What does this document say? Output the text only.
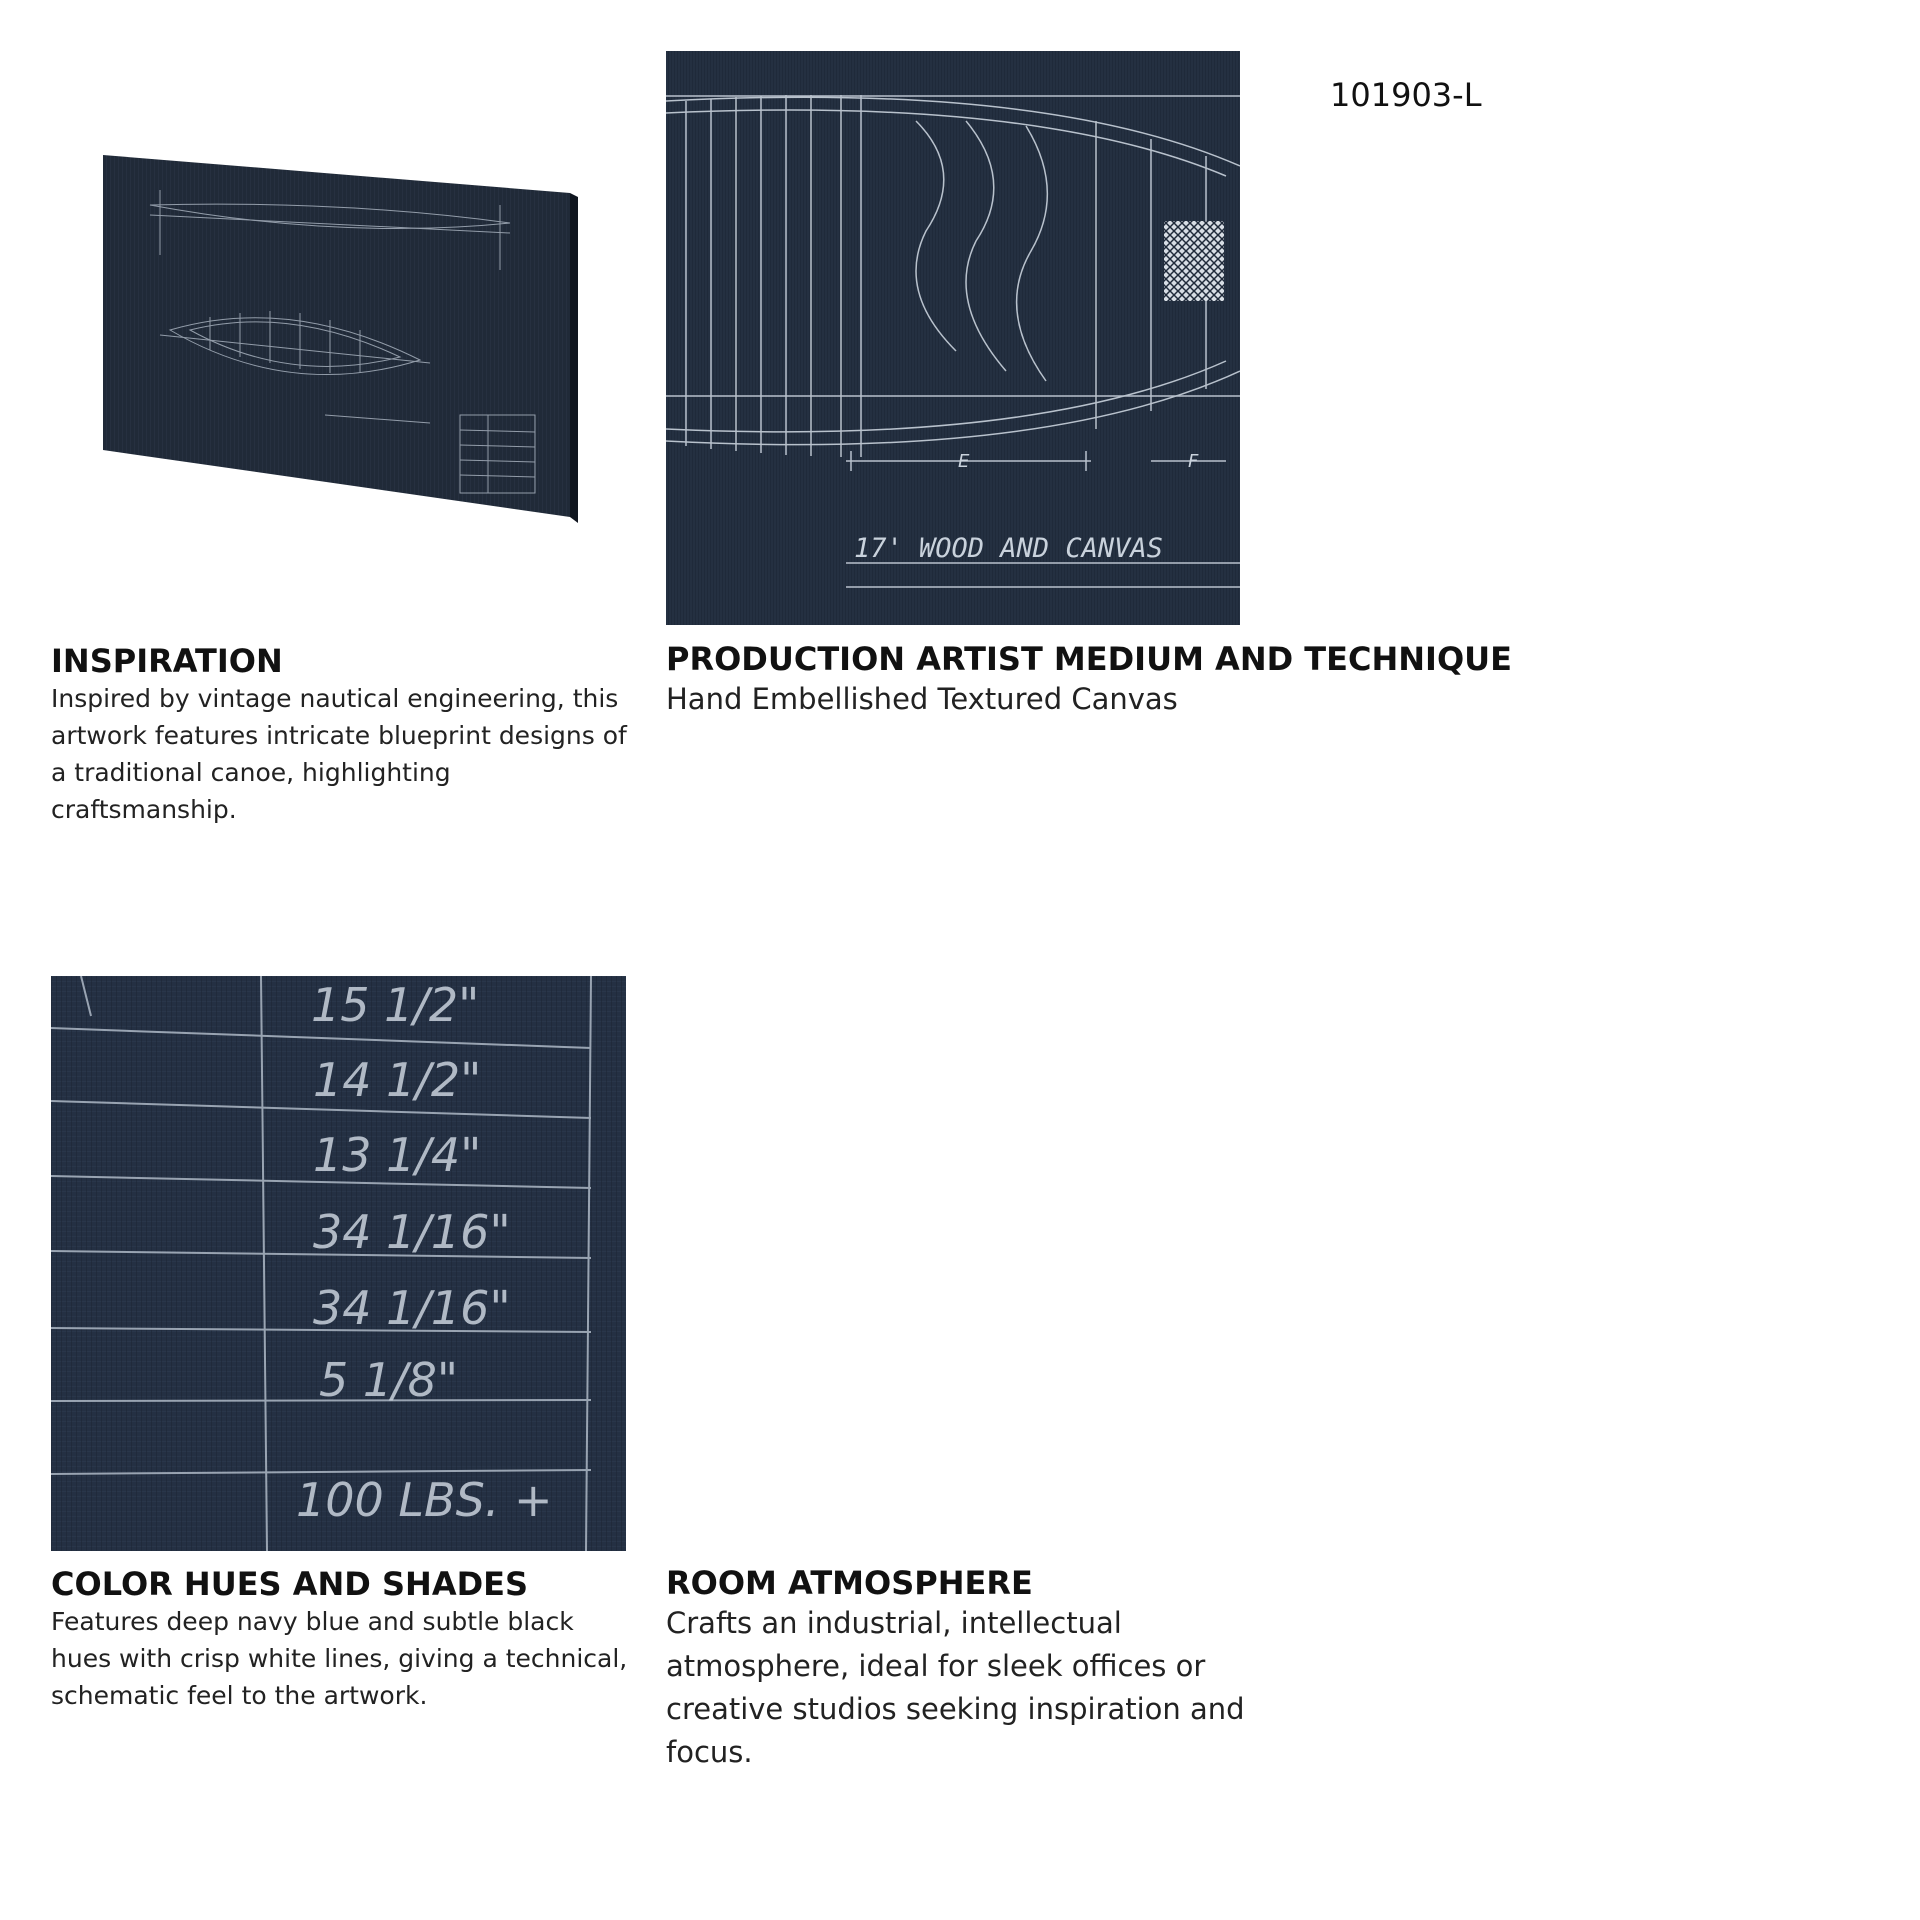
101903-L
E	F
17' WOOD AND CANVAS
15 1/2"
14 1/2"
13 1/4"
34 1/16"
34 1/16"
5 1/8"
100 LBS. +
INSPIRATION
Inspired by vintage nautical engineering, this artwork features intricate blueprint designs of a traditional canoe, highlighting craftsmanship.
PRODUCTION ARTIST MEDIUM AND TECHNIQUE
Hand Embellished Textured Canvas
COLOR HUES AND SHADES
Features deep navy blue and subtle black hues with crisp white lines, giving a technical, schematic feel to the artwork.
ROOM ATMOSPHERE
Crafts an industrial, intellectual atmosphere, ideal for sleek offices or creative studios seeking inspiration and focus.
